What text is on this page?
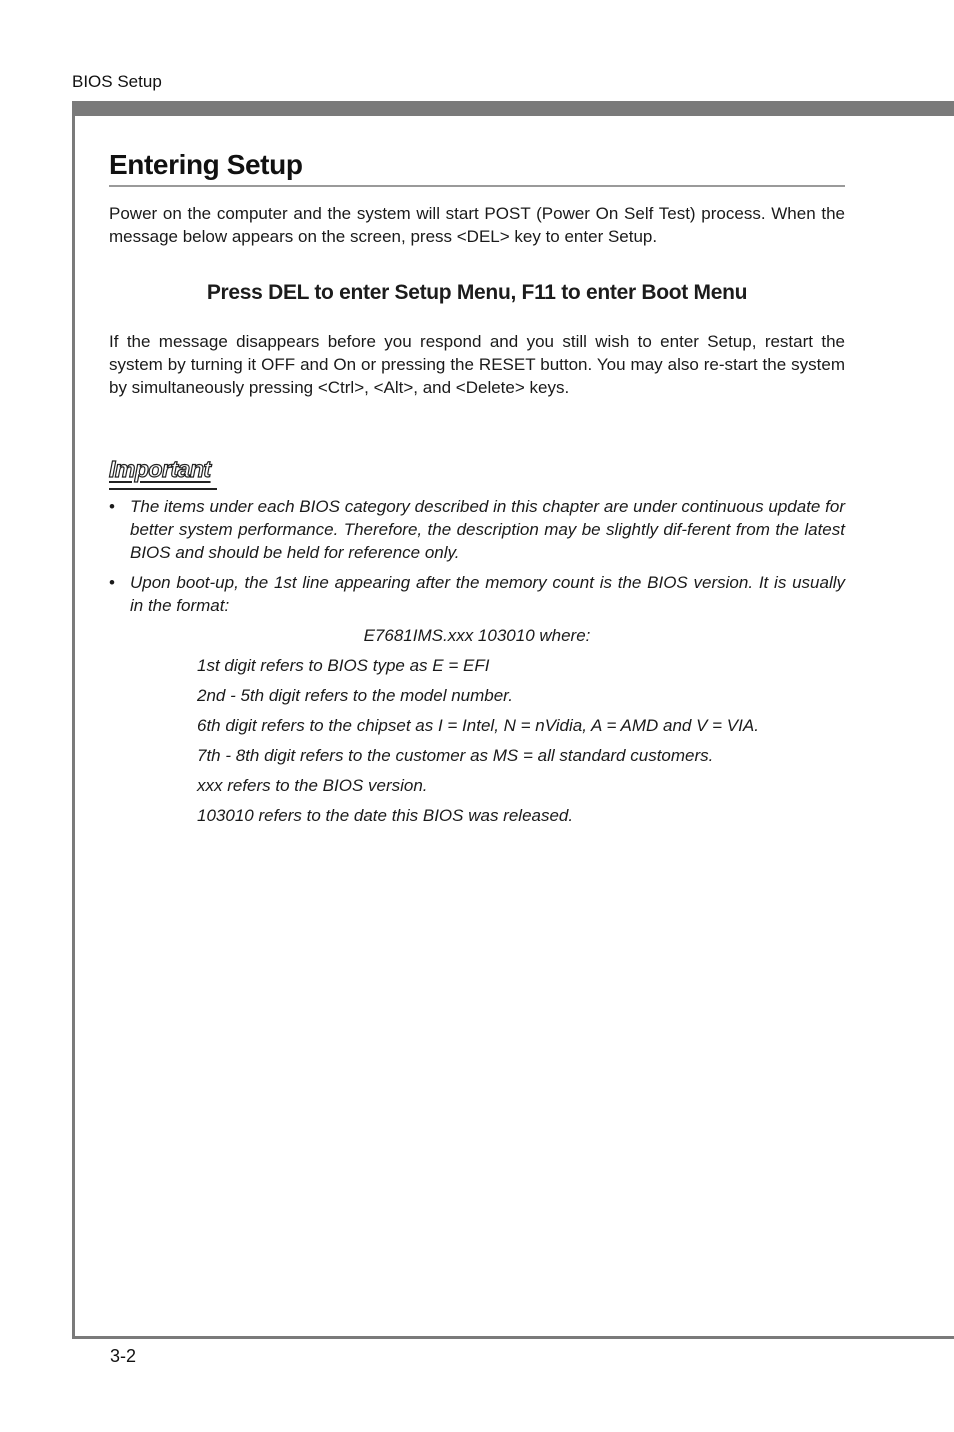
BIOS Setup
Entering Setup

Power on the computer and the system will start POST (Power On Self Test) process. When the message below appears on the screen, press <DEL> key to enter Setup.

Press DEL to enter Setup Menu, F11 to enter Boot Menu

If the message disappears before you respond and you still wish to enter Setup, restart the system by turning it OFF and On or pressing the RESET button. You may also re-start the system by simultaneously pressing <Ctrl>, <Alt>, and <Delete> keys.

Important
• The items under each BIOS category described in this chapter are under continuous update for better system performance. Therefore, the description may be slightly dif-ferent from the latest BIOS and should be held for reference only.
• Upon boot-up, the 1st line appearing after the memory count is the BIOS version. It is usually in the format:
E7681IMS.xxx 103010 where:
1st digit refers to BIOS type as E = EFI
2nd - 5th digit refers to the model number.
6th digit refers to the chipset as I = Intel, N = nVidia, A = AMD and V = VIA.
7th - 8th digit refers to the customer as MS = all standard customers.
xxx refers to the BIOS version.
103010 refers to the date this BIOS was released.
3-2
